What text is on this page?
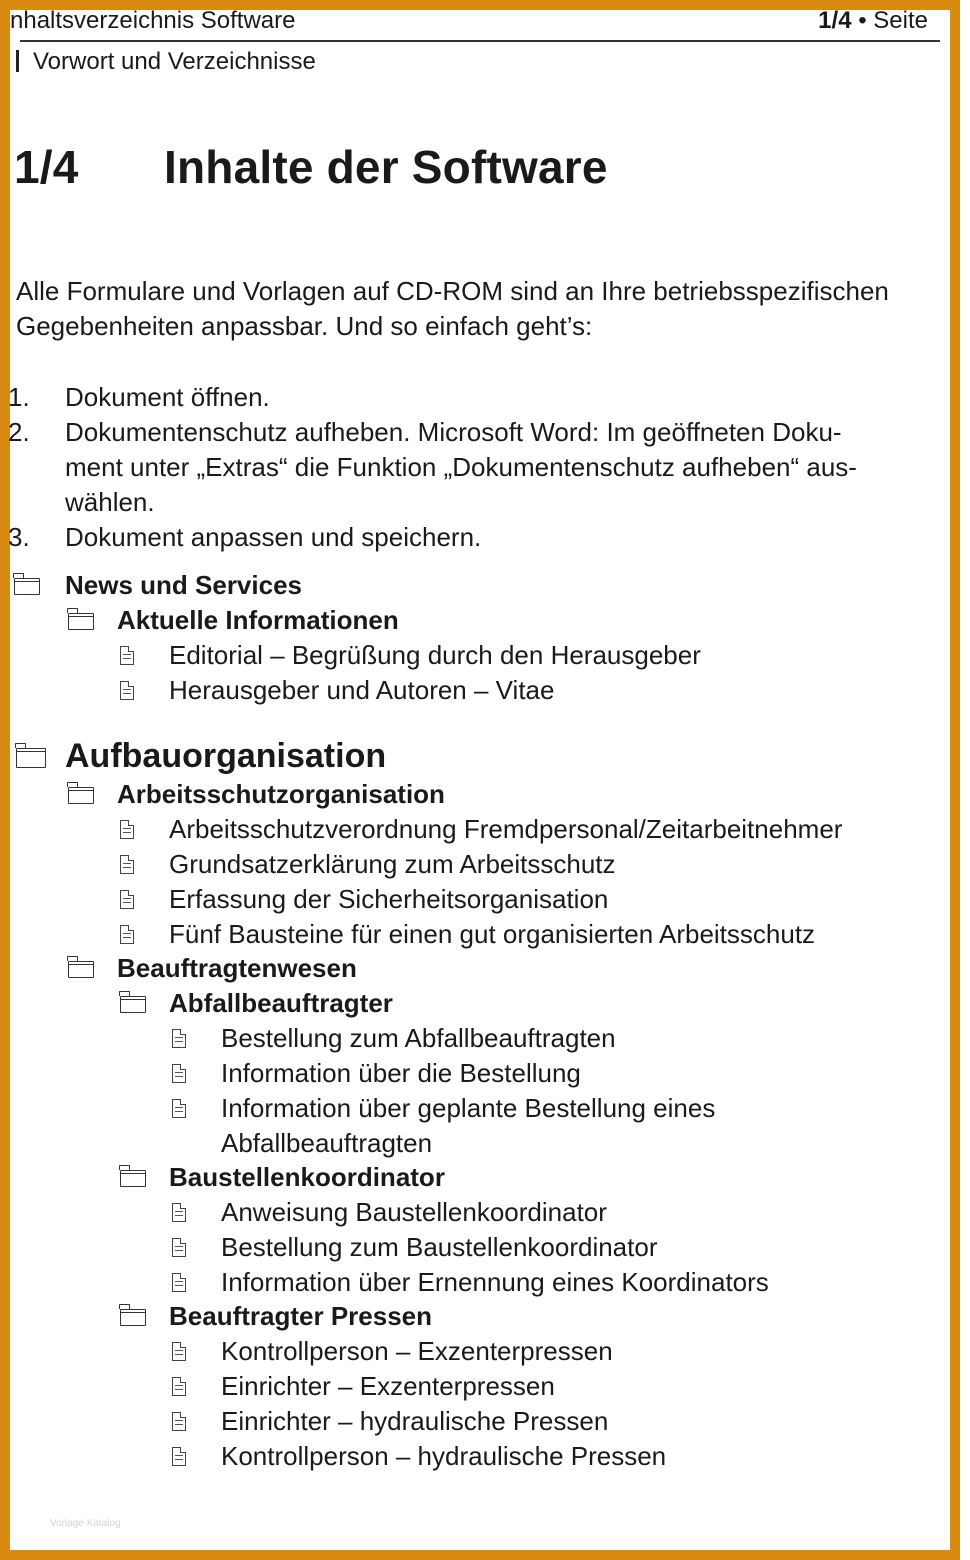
nhaltsverzeichnis Software	1/4 • Seite
Vorwort und Verzeichnisse
1/4 Inhalte der Software
Alle Formulare und Vorlagen auf CD-ROM sind an Ihre betriebsspezifischen
Gegebenheiten anpassbar. Und so einfach geht’s:
1. Dokument öffnen.
2. Dokumentenschutz aufheben. Microsoft Word: Im geöffneten Doku-
ment unter „Extras“ die Funktion „Dokumentenschutz aufheben“ aus-
wählen.
3. Dokument anpassen und speichern.
News und Services
Aktuelle Informationen
Editorial – Begrüßung durch den Herausgeber
Herausgeber und Autoren – Vitae
Aufbauorganisation
Arbeitsschutzorganisation
Arbeitsschutzverordnung Fremdpersonal/Zeitarbeitnehmer
Grundsatzerklärung zum Arbeitsschutz
Erfassung der Sicherheitsorganisation
Fünf Bausteine für einen gut organisierten Arbeitsschutz
Beauftragtenwesen
Abfallbeauftragter
Bestellung zum Abfallbeauftragten
Information über die Bestellung
Information über geplante Bestellung eines
Abfallbeauftragten
Baustellenkoordinator
Anweisung Baustellenkoordinator
Bestellung zum Baustellenkoordinator
Information über Ernennung eines Koordinators
Beauftragter Pressen
Kontrollperson – Exzenterpressen
Einrichter – Exzenterpressen
Einrichter – hydraulische Pressen
Kontrollperson – hydraulische Pressen
Vorlage Katalog
